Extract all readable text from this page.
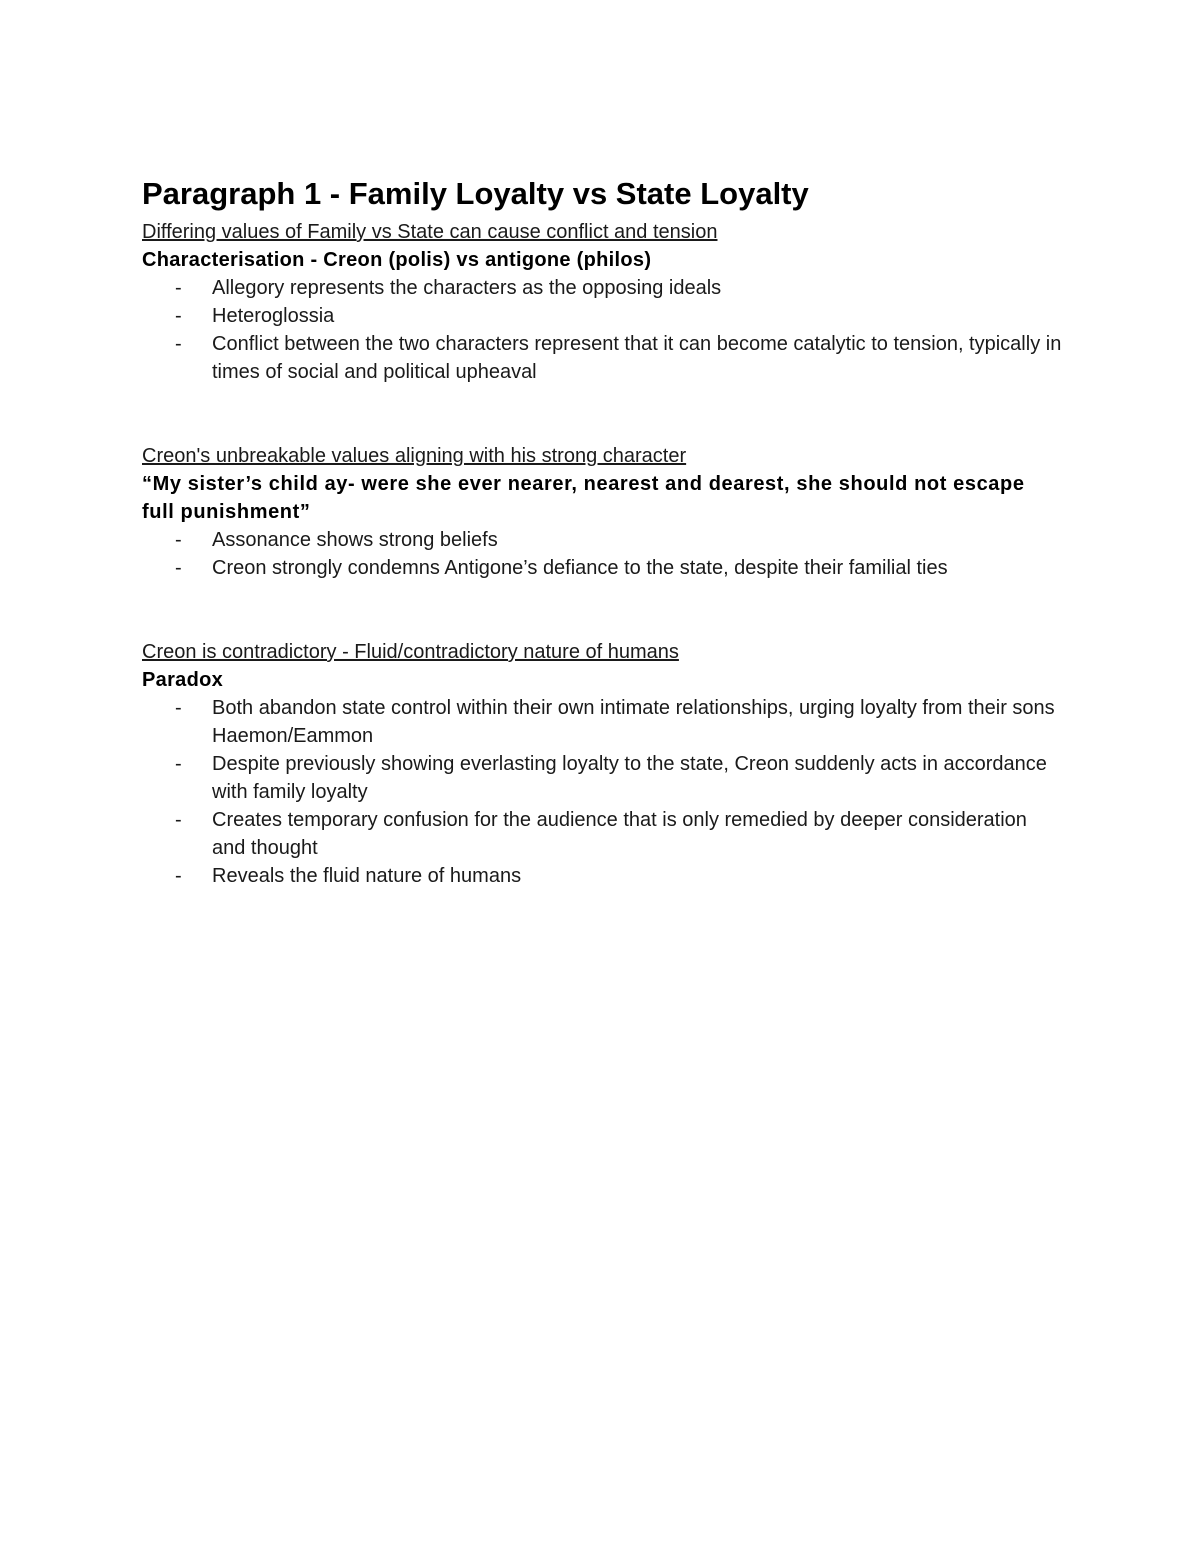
Paragraph 1 - Family Loyalty vs State Loyalty

Differing values of Family vs State can cause conflict and tension

Characterisation - Creon (polis) vs antigone (philos)

- Allegory represents the characters as the opposing ideals
- Heteroglossia
- Conflict between the two characters represent that it can become catalytic to tension, typically in times of social and political upheaval

Creon's unbreakable values aligning with his strong character

“My sister’s child ay- were she ever nearer, nearest and dearest, she should not escape full punishment”

- Assonance shows strong beliefs
- Creon strongly condemns Antigone’s defiance to the state, despite their familial ties

Creon is contradictory - Fluid/contradictory nature of humans

Paradox

- Both abandon state control within their own intimate relationships, urging loyalty from their sons Haemon/Eammon
- Despite previously showing everlasting loyalty to the state, Creon suddenly acts in accordance with family loyalty
- Creates temporary confusion for the audience that is only remedied by deeper consideration and thought
- Reveals the fluid nature of humans
